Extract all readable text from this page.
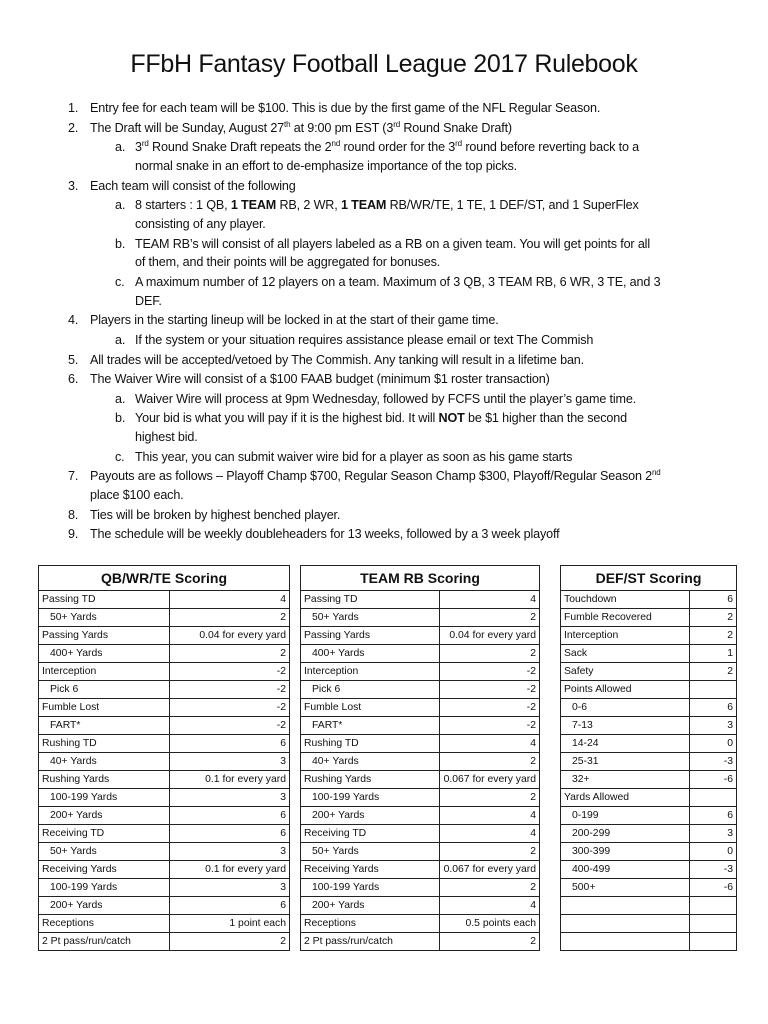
FFbH Fantasy Football League 2017 Rulebook
1. Entry fee for each team will be $100. This is due by the first game of the NFL Regular Season.
2. The Draft will be Sunday, August 27th at 9:00 pm EST (3rd Round Snake Draft)
a. 3rd Round Snake Draft repeats the 2nd round order for the 3rd round before reverting back to a
normal snake in an effort to de-emphasize importance of the top picks.
3. Each team will consist of the following
a. 8 starters : 1 QB, 1 TEAM RB, 2 WR, 1 TEAM RB/WR/TE, 1 TE, 1 DEF/ST, and 1 SuperFlex
consisting of any player.
b. TEAM RB’s will consist of all players labeled as a RB on a given team. You will get points for all
of them, and their points will be aggregated for bonuses.
c. A maximum number of 12 players on a team. Maximum of 3 QB, 3 TEAM RB, 6 WR, 3 TE, and 3
DEF.
4. Players in the starting lineup will be locked in at the start of their game time.
a. If the system or your situation requires assistance please email or text The Commish
5. All trades will be accepted/vetoed by The Commish. Any tanking will result in a lifetime ban.
6. The Waiver Wire will consist of a $100 FAAB budget (minimum $1 roster transaction)
a. Waiver Wire will process at 9pm Wednesday, followed by FCFS until the player’s game time.
b. Your bid is what you will pay if it is the highest bid. It will NOT be $1 higher than the second
highest bid.
c. This year, you can submit waiver wire bid for a player as soon as his game starts
7. Payouts are as follows – Playoff Champ $700, Regular Season Champ $300, Playoff/Regular Season 2nd
place $100 each.
8. Ties will be broken by highest benched player.
9. The schedule will be weekly doubleheaders for 13 weeks, followed by a 3 week playoff
QB/WR/TE Scoring	
Passing TD	4
50+ Yards	2
Passing Yards	0.04 for every yard
400+ Yards	2
Interception	-2
Pick 6	-2
Fumble Lost	-2
FART*	-2
Rushing TD	6
40+ Yards	3
Rushing Yards	0.1 for every yard
100-199 Yards	3
200+ Yards	6
Receiving TD	6
50+ Yards	3
Receiving Yards	0.1 for every yard
100-199 Yards	3
200+ Yards	6
Receptions	1 point each
2 Pt pass/run/catch	2
TEAM RB Scoring	
Passing TD	4
50+ Yards	2
Passing Yards	0.04 for every yard
400+ Yards	2
Interception	-2
Pick 6	-2
Fumble Lost	-2
FART*	-2
Rushing TD	4
40+ Yards	2
Rushing Yards	0.067 for every yard
100-199 Yards	2
200+ Yards	4
Receiving TD	4
50+ Yards	2
Receiving Yards	0.067 for every yard
100-199 Yards	2
200+ Yards	4
Receptions	0.5 points each
2 Pt pass/run/catch	2
DEF/ST Scoring	
Touchdown	6
Fumble Recovered	2
Interception	2
Sack	1
Safety	2
Points Allowed	
0-6	6
7-13	3
14-24	0
25-31	-3
32+	-6
Yards Allowed	
0-199	6
200-299	3
300-399	0
400-499	-3
500+	-6
